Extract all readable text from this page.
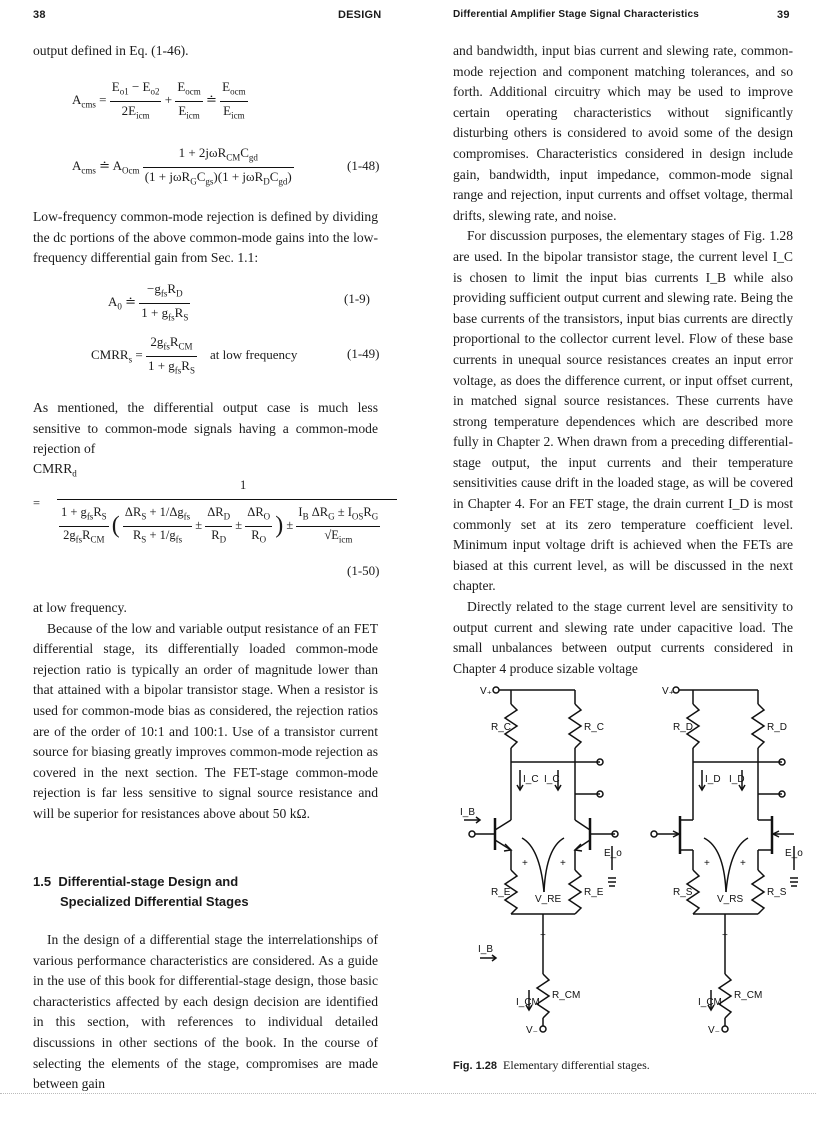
38	DESIGN	Differential Amplifier Stage Signal Characteristics	39

output defined in Eq. (1-46).

$A_{cms} = \frac{E_{o1} - E_{o2}}{2E_{icm}} + \frac{E_{ocm}}{E_{icm}}$ ≐ $\frac{E_{ocm}}{E_{icm}}$
$A_{cms}$ ≐ $A_{Ocm} \frac{1 + 2j\omega R_{CM}C_{gd}}{(1 + j\omega R_GC_{gs})(1 + j\omega R_DC_{gd})}$	(1-48)

Low-frequency common-mode rejection is defined by dividing the dc portions of the above common-mode gains into the low-frequency differential gain from Sec. 1.1:

$A_0$ ≐ $\frac{-g_{fs}R_D}{1 + g_{fs}R_S}$	(1-9)
$CMRR_s = \frac{2g_{fs}R_{CM}}{1 + g_{fs}R_S}$ at low frequency	(1-49)

As mentioned, the differential output case is much less sensitive to common-mode signals having a common-mode rejection of

$CMRR_d$
=
1
$\frac{1 + g_{fs}R_S}{2g_{fs}R_{CM}}$ ( $\frac{\Delta R_S + 1/\Delta g_{fs}}{R_S + 1/g_{fs}} \pm \frac{\Delta R_D}{R_D} \pm \frac{\Delta R_O}{R_O}$ ) ± $\frac{I_B \Delta R_G \pm I_{OS}R_G}{√E_{icm}}$
(1-50)

at low frequency.

Because of the low and variable output resistance of an FET differential stage, its differentially loaded common-mode rejection ratio is typically an order of magnitude lower than that attained with a bipolar transistor stage. When a resistor is used for common-mode bias as considered, the rejection ratios are of the order of 10:1 and 100:1. Use of a transistor current source for biasing greatly improves common-mode rejection as covered in the next section. The FET-stage common-mode rejection is far less sensitive to signal source resistance and will be superior for resistances above about 50 kΩ.

1.5 Differential-stage Design and
Specialized Differential Stages

In the design of a differential stage the interrelationships of various performance characteristics are considered. As a guide in the use of this book for differential-stage design, those basic characteristics affected by each design decision are identified in this section, with references to individual detailed discussions in other sections of the book. In the course of selecting the elements of the stage, compromises are made between gain

and bandwidth, input bias current and slewing rate, common-mode rejection and component matching tolerances, and so forth. Additional circuitry which may be used to improve certain operating characteristics without significantly disturbing others is considered to avoid some of the design compromises. Characteristics considered in design include gain, bandwidth, input impedance, common-mode signal range and rejection, input currents and offset voltage, thermal drifts, slewing rate, and noise.

For discussion purposes, the elementary stages of Fig. 1.28 are used. In the bipolar transistor stage, the current level I_C is chosen to limit the input bias currents I_B while also providing sufficient output current and slewing rate. Being the base currents of the transistors, input bias currents are directly proportional to the collector current level. Flow of these base currents in unequal source resistances creates an input error voltage, as does the difference current, or input offset current, in matched signal source resistances. These currents have strong temperature dependences which are described more fully in Chapter 2. When drawn from a preceding differential-stage output, the input currents and their temperature sensitivities cause drift in the loaded stage, as will be covered in Chapter 4. For an FET stage, the drain current I_D is most commonly set at its zero temperature coefficient level. Minimum input voltage drift is achieved when the FETs are biased at this current level, as will be discussed in the next chapter.

Directly related to the stage current level are sensitivity to output current and slewing rate under capacitive load. The small unbalances between output currents considered in Chapter 4 produce sizable voltage

V₊	V₊
R_C	R_C	R_D	R_D
I_C I_C	I_D I_D
I_B
+	+	+	+
E_o	E_o
R_E	R_E	R_S	R_S
V_RE	V_RS
−	−
I_B
R_CM	R_CM
I_CM	I_CM
V₋	V₋
Fig. 1.28 Elementary differential stages.
